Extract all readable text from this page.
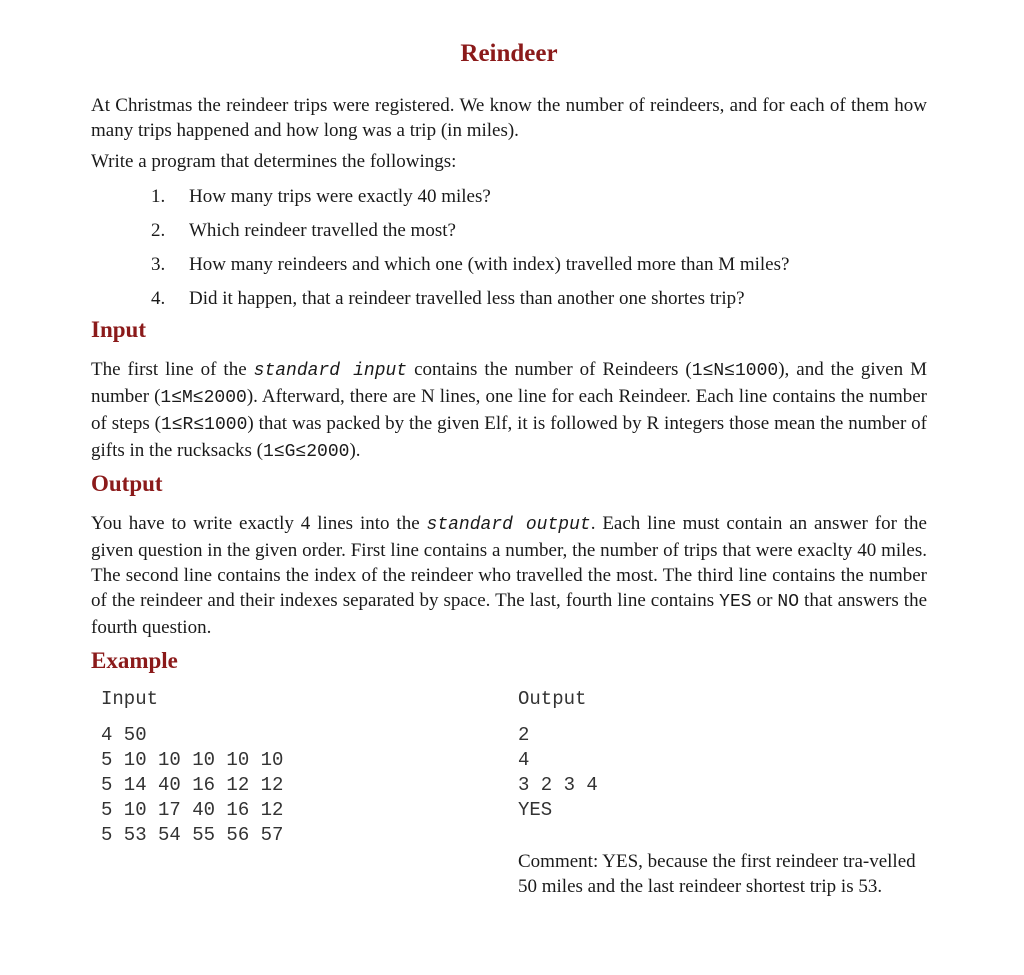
Reindeer

At Christmas the reindeer trips were registered. We know the number of reindeers, and for each of them how many trips happened and how long was a trip (in miles).

Write a program that determines the followings:

1.	How many trips were exactly 40 miles?
2.	Which reindeer travelled the most?
3.	How many reindeers and which one (with index) travelled more than M miles?
4.	Did it happen, that a reindeer travelled less than another one shortes trip?
Input

The first line of the standard input contains the number of Reindeers (1≤N≤1000), and the given M number (1≤M≤2000). Afterward, there are N lines, one line for each Reindeer. Each line contains the number of steps (1≤R≤1000) that was packed by the given Elf, it is followed by R integers those mean the number of gifts in the rucksacks (1≤G≤2000).

Output

You have to write exactly 4 lines into the standard output. Each line must contain an answer for the given question in the given order. First line contains a number, the number of trips that were exaclty 40 miles. The second line contains the index of the reindeer who travelled the most. The third line contains the number of the reindeer and their indexes separated by space. The last, fourth line contains YES or NO that answers the fourth question.

Example
Input
4 50
5 10 10 10 10 10
5 14 40 16 12 12
5 10 17 40 16 12
5 53 54 55 56 57
Output
2
4
3 2 3 4
YES

Comment: YES, because the first reindeer tra-velled 50 miles and the last reindeer shortest trip is 53.
